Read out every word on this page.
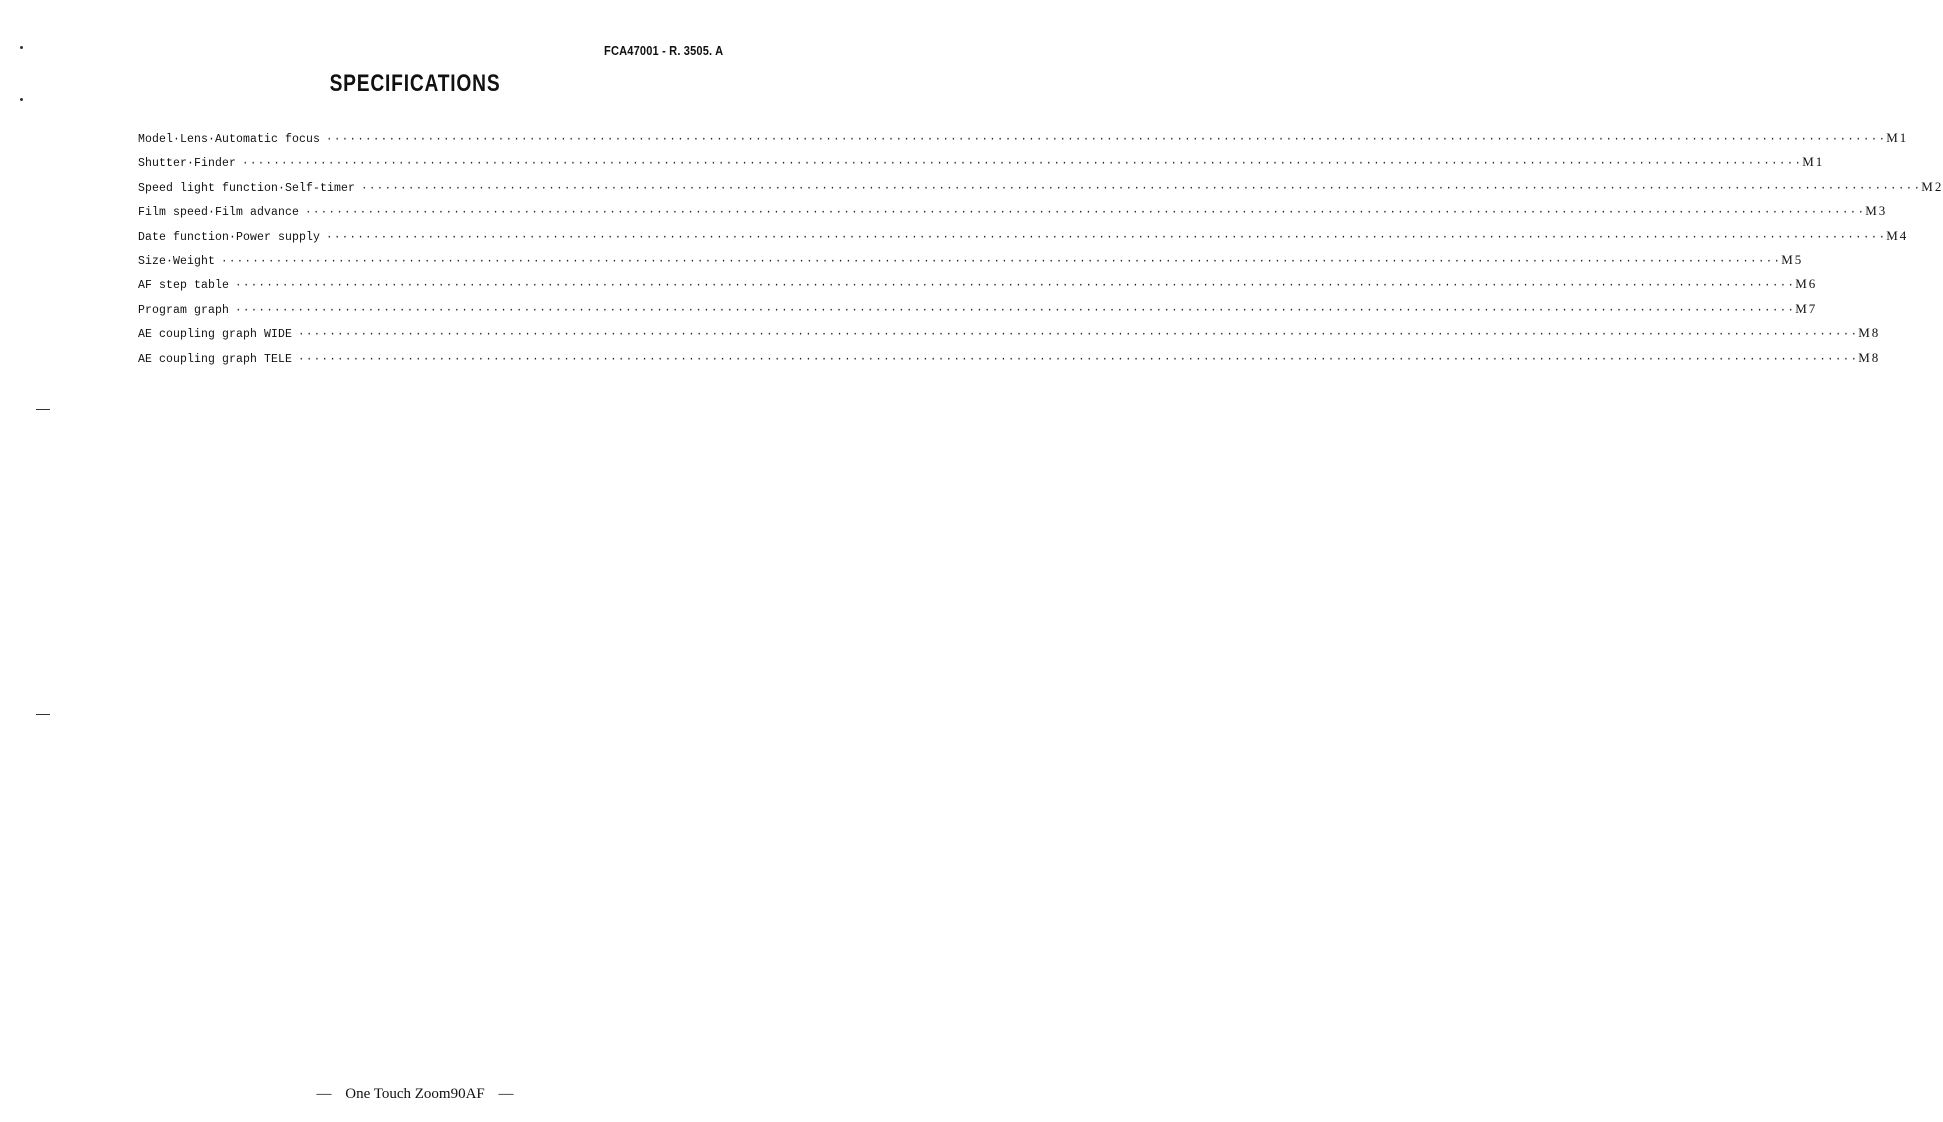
FCA47001 - R. 3505. A
SPECIFICATIONS
Model·Lens·Automatic focus ········································································································································································································ M1
Shutter·Finder ········································································································································································································ M1
Speed light function·Self-timer ········································································································································································································ M2
Film speed·Film advance ········································································································································································································ M3
Date function·Power supply ········································································································································································································ M4
Size·Weight ········································································································································································································ M5
AF step table ········································································································································································································ M6
Program graph ········································································································································································································ M7
AE coupling graph WIDE ········································································································································································································ M8
AE coupling graph TELE ········································································································································································································ M8
— One Touch Zoom90AF —
